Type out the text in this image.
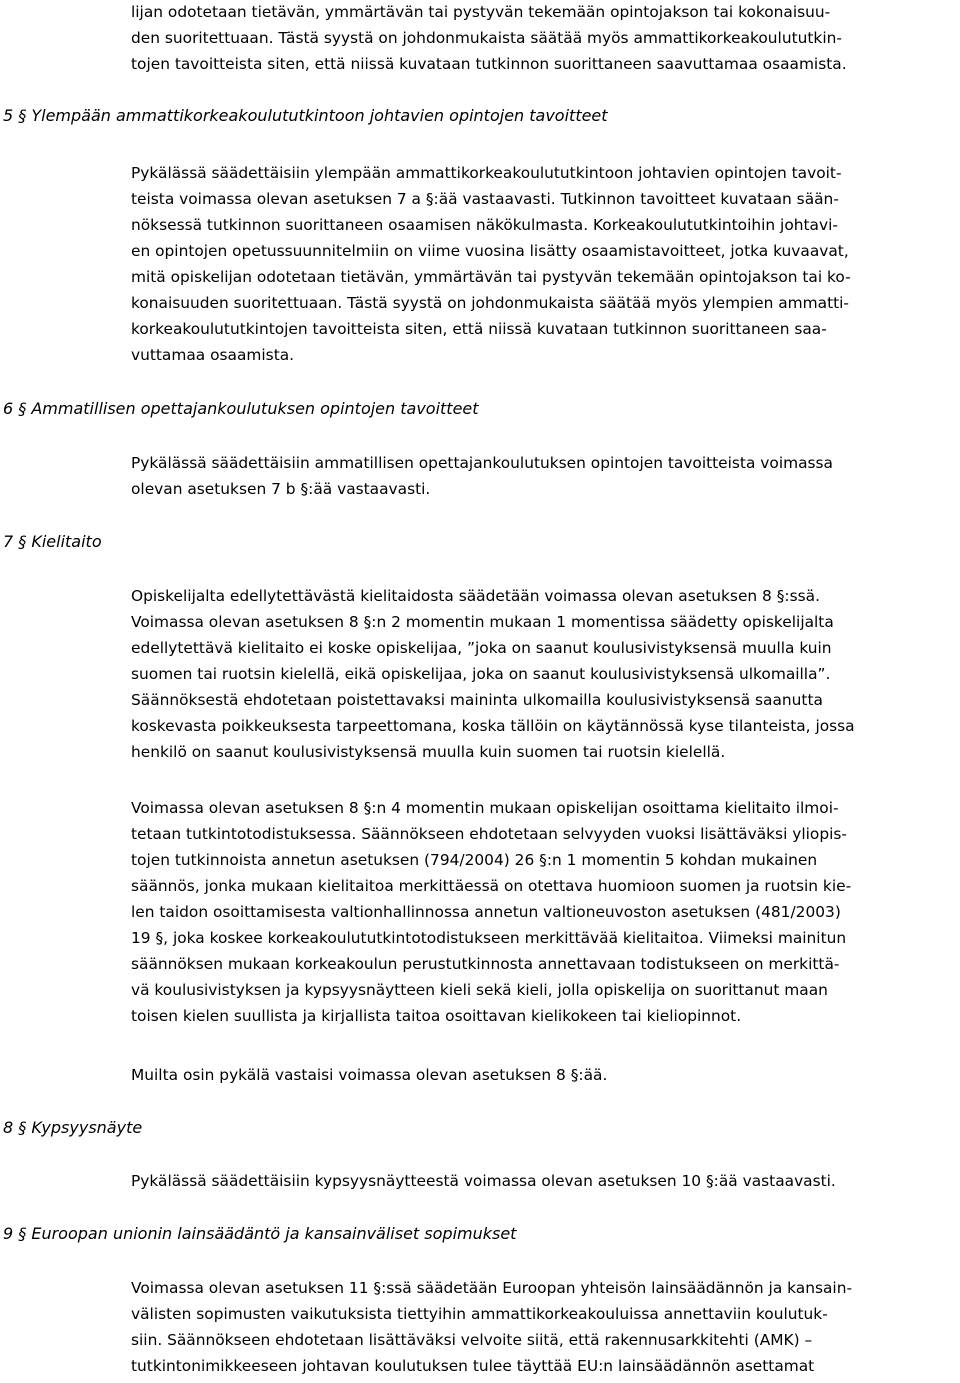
lijan odotetaan tietävän, ymmärtävän tai pystyvän tekemään opintojakson tai kokonaisuu-
den suoritettuaan. Tästä syystä on johdonmukaista säätää myös ammattikorkeakoulututkin-
tojen tavoitteista siten, että niissä kuvataan tutkinnon suorittaneen saavuttamaa osaamista.
5 § Ylempään ammattikorkeakoulututkintoon johtavien opintojen tavoitteet
Pykälässä säädettäisiin ylempään ammattikorkeakoulututkintoon johtavien opintojen tavoit-
teista voimassa olevan asetuksen 7 a §:ää vastaavasti. Tutkinnon tavoitteet kuvataan sään-
nöksessä tutkinnon suorittaneen osaamisen näkökulmasta. Korkeakoulututkintoihin johtavi-
en opintojen opetussuunnitelmiin on viime vuosina lisätty osaamistavoitteet, jotka kuvaavat,
mitä opiskelijan odotetaan tietävän, ymmärtävän tai pystyvän tekemään opintojakson tai ko-
konaisuuden suoritettuaan. Tästä syystä on johdonmukaista säätää myös ylempien ammatti-
korkeakoulututkintojen tavoitteista siten, että niissä kuvataan tutkinnon suorittaneen saa-
vuttamaa osaamista.
6 § Ammatillisen opettajankoulutuksen opintojen tavoitteet
Pykälässä säädettäisiin ammatillisen opettajankoulutuksen opintojen tavoitteista voimassa
olevan asetuksen 7 b §:ää vastaavasti.
7 § Kielitaito
Opiskelijalta edellytettävästä kielitaidosta säädetään voimassa olevan asetuksen 8 §:ssä.
Voimassa olevan asetuksen 8 §:n 2 momentin mukaan 1 momentissa säädetty opiskelijalta
edellytettävä kielitaito ei koske opiskelijaa, ”joka on saanut koulusivistyksensä muulla kuin
suomen tai ruotsin kielellä, eikä opiskelijaa, joka on saanut koulusivistyksensä ulkomailla”.
Säännöksestä ehdotetaan poistettavaksi maininta ulkomailla koulusivistyksensä saanutta
koskevasta poikkeuksesta tarpeettomana, koska tällöin on käytännössä kyse tilanteista, jossa
henkilö on saanut koulusivistyksensä muulla kuin suomen tai ruotsin kielellä.
Voimassa olevan asetuksen 8 §:n 4 momentin mukaan opiskelijan osoittama kielitaito ilmoi-
tetaan tutkintotodistuksessa. Säännökseen ehdotetaan selvyyden vuoksi lisättäväksi yliopis-
tojen tutkinnoista annetun asetuksen (794/2004) 26 §:n 1 momentin 5 kohdan mukainen
säännös, jonka mukaan kielitaitoa merkittäessä on otettava huomioon suomen ja ruotsin kie-
len taidon osoittamisesta valtionhallinnossa annetun valtioneuvoston asetuksen (481/2003)
19 §, joka koskee korkeakoulututkintotodistukseen merkittävää kielitaitoa. Viimeksi mainitun
säännöksen mukaan korkeakoulun perustutkinnosta annettavaan todistukseen on merkittä-
vä koulusivistyksen ja kypsyysnäytteen kieli sekä kieli, jolla opiskelija on suorittanut maan
toisen kielen suullista ja kirjallista taitoa osoittavan kielikokeen tai kieliopinnot.
Muilta osin pykälä vastaisi voimassa olevan asetuksen 8 §:ää.
8 § Kypsyysnäyte
Pykälässä säädettäisiin kypsyysnäytteestä voimassa olevan asetuksen 10 §:ää vastaavasti.
9 § Euroopan unionin lainsäädäntö ja kansainväliset sopimukset
Voimassa olevan asetuksen 11 §:ssä säädetään Euroopan yhteisön lainsäädännön ja kansain-
välisten sopimusten vaikutuksista tiettyihin ammattikorkeakouluissa annettaviin koulutuk-
siin. Säännökseen ehdotetaan lisättäväksi velvoite siitä, että rakennusarkkitehti (AMK) –
tutkintonimikkeeseen johtavan koulutuksen tulee täyttää EU:n lainsäädännön asettamat
